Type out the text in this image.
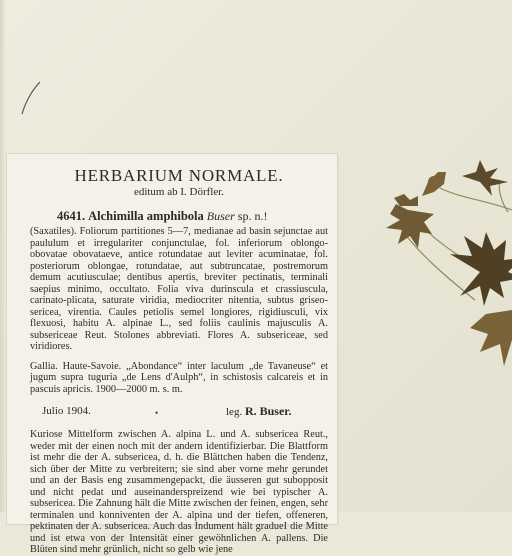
HERBARIUM NORMALE.

editum ab I. Dörfler.

4641. Alchimilla amphibola Buser sp. n.!
(Saxatiles). Foliorum partitiones 5—7, medianae ad basin sejunctae aut paululum et irregulariter conjunctulae, fol. inferiorum oblongo-obovatae obovataeve, antice rotundatae aut leviter acuminatae, fol. posteriorum oblongae, rotundatae, aut subtruncatae, postremorum demum acutiusculae; dentibus apertis, breviter pectinatis, terminali saepius minimo, occultato. Folia viva durinscula et crassiuscula, carinato-plicata, saturate viridia, mediocriter nitentia, subtus griseo-sericea, virentia. Caules petiolis semel longiores, rigidiusculi, vix flexuosi, habitu A. alpinae L., sed foliis caulinis majusculis A. subsericeae Reut. Stolones abbreviati. Flores A. subsericeae, sed viridiores.
Gallia. Haute-Savoie. „Abondance“ inter laculum „de Tavaneuse“ et jugum supra tuguria „de Lens d'Aulph“, in schistosis calcareis et in pascuis apricis. 1900—2000 m. s. m.
Julio 1904.	•	leg. R. Buser.
Kuriose Mittelform zwischen A. alpina L. und A. subsericea Reut., weder mit der einen noch mit der andern identifizierbar. Die Blattform ist mehr die der A. subsericea, d. h. die Blättchen haben die Tendenz, sich über der Mitte zu verbreitern; sie sind aber vorne mehr gerundet und an der Basis eng zusammengepackt, die äusseren gut subopposit und nicht pedat und auseinanderspreizend wie bei typischer A. subsericea. Die Zahnung hält die Mitte zwischen der feinen, engen, sehr terminalen und konniventen der A. alpina und der tiefen, offeneren, pektinaten der A. subsericea. Auch das Indument hält gradueI die Mitte und ist etwa von der Intensität einer gewöhnlichen A. pallens. Die Blüten sind mehr grünlich, nicht so gelb wie jene
